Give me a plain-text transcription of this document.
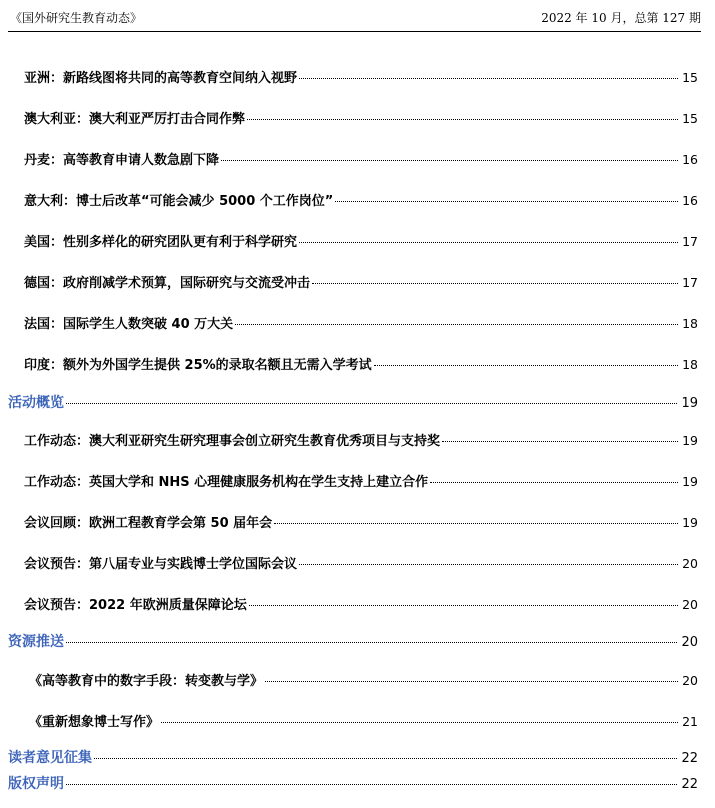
《国外研究生教育动态》	2022 年 10 月，总第 127 期
亚洲：新路线图将共同的高等教育空间纳入视野	15
澳大利亚：澳大利亚严厉打击合同作弊	15
丹麦：高等教育申请人数急剧下降	16
意大利：博士后改革“可能会减少 5000 个工作岗位”	16
美国：性别多样化的研究团队更有利于科学研究	17
德国：政府削减学术预算，国际研究与交流受冲击	17
法国：国际学生人数突破 40 万大关	18
印度：额外为外国学生提供 25%的录取名额且无需入学考试	18
活动概览	19
工作动态：澳大利亚研究生研究理事会创立研究生教育优秀项目与支持奖	19
工作动态：英国大学和 NHS 心理健康服务机构在学生支持上建立合作	19
会议回顾：欧洲工程教育学会第 50 届年会	19
会议预告：第八届专业与实践博士学位国际会议	20
会议预告：2022 年欧洲质量保障论坛	20
资源推送	20
《高等教育中的数字手段：转变教与学》	20
《重新想象博士写作》	21
读者意见征集	22
版权声明	22
